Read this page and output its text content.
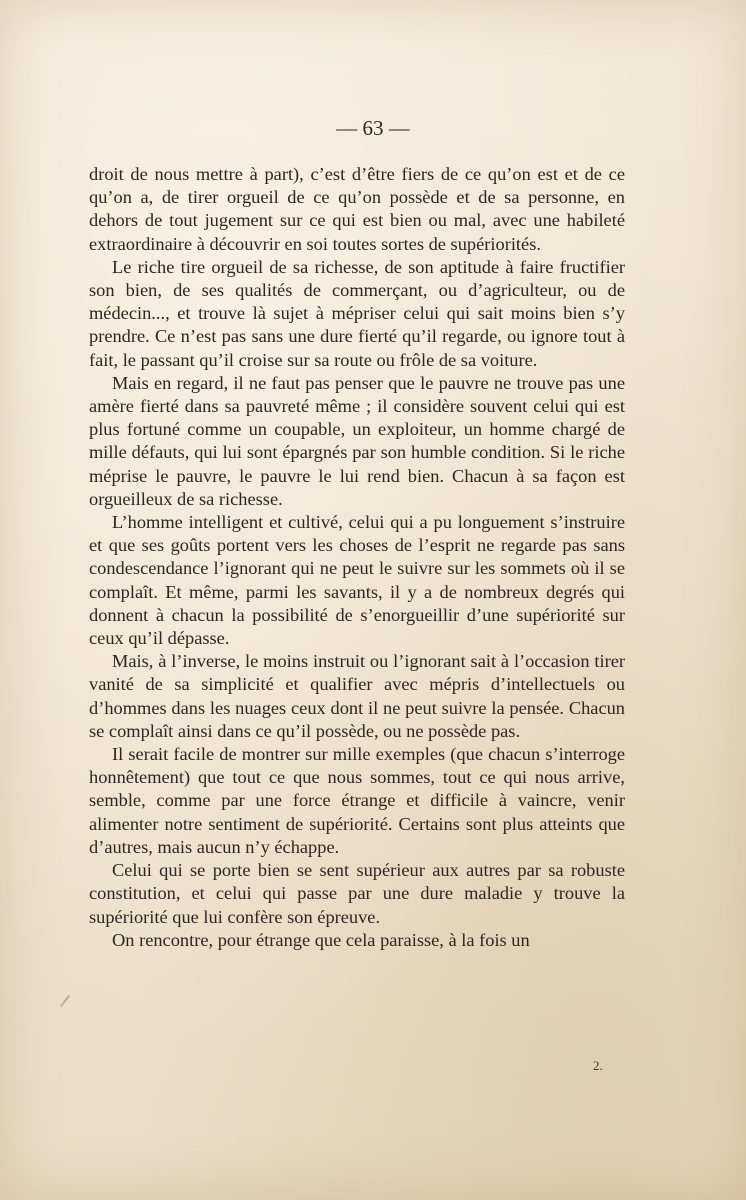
— 63 —

droit de nous mettre à part), c’est d’être fiers de ce qu’on est et de ce qu’on a, de tirer orgueil de ce qu’on possède et de sa personne, en dehors de tout jugement sur ce qui est bien ou mal, avec une habileté extraordinaire à découvrir en soi toutes sortes de supériorités.

Le riche tire orgueil de sa richesse, de son aptitude à faire fructifier son bien, de ses qualités de commerçant, ou d’agriculteur, ou de médecin..., et trouve là sujet à mépriser celui qui sait moins bien s’y prendre. Ce n’est pas sans une dure fierté qu’il regarde, ou ignore tout à fait, le passant qu’il croise sur sa route ou frôle de sa voiture.

Mais en regard, il ne faut pas penser que le pauvre ne trouve pas une amère fierté dans sa pauvreté même ; il considère souvent celui qui est plus fortuné comme un coupable, un exploiteur, un homme chargé de mille défauts, qui lui sont épargnés par son humble condition. Si le riche méprise le pauvre, le pauvre le lui rend bien. Chacun à sa façon est orgueilleux de sa richesse.

L’homme intelligent et cultivé, celui qui a pu longuement s’instruire et que ses goûts portent vers les choses de l’esprit ne regarde pas sans condescendance l’ignorant qui ne peut le suivre sur les sommets où il se complaît. Et même, parmi les savants, il y a de nombreux degrés qui donnent à chacun la possibilité de s’enorgueillir d’une supériorité sur ceux qu’il dépasse.

Mais, à l’inverse, le moins instruit ou l’ignorant sait à l’occasion tirer vanité de sa simplicité et qualifier avec mépris d’intellectuels ou d’hommes dans les nuages ceux dont il ne peut suivre la pensée. Chacun se complaît ainsi dans ce qu’il possède, ou ne possède pas.

Il serait facile de montrer sur mille exemples (que chacun s’interroge honnêtement) que tout ce que nous sommes, tout ce qui nous arrive, semble, comme par une force étrange et difficile à vaincre, venir alimenter notre sentiment de supériorité. Certains sont plus atteints que d’autres, mais aucun n’y échappe.

Celui qui se porte bien se sent supérieur aux autres par sa robuste constitution, et celui qui passe par une dure maladie y trouve la supériorité que lui confère son épreuve.

On rencontre, pour étrange que cela paraisse, à la fois un

2.
